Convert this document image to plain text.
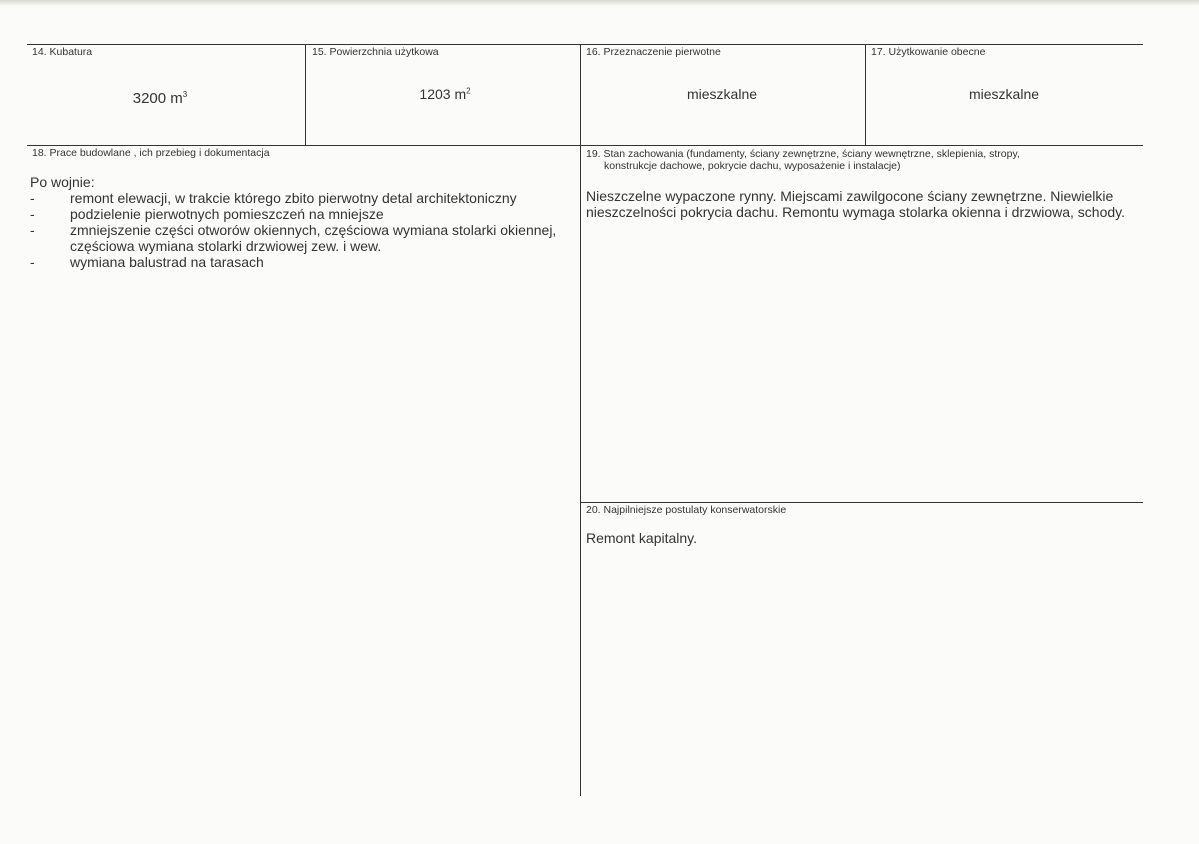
14. Kubatura
3200 $m^3$
15. Powierzchnia użytkowa
1203 $m^2$
16. Przeznaczenie pierwotne
mieszkalne
17. Użytkowanie obecne
mieszkalne
18. Prace budowlane , ich przebieg i dokumentacja
Po wojnie:
-	remont elewacji, w trakcie którego zbito pierwotny detal architektoniczny
-	podzielenie pierwotnych pomieszczeń na mniejsze
-	zmniejszenie części otworów okiennych, częściowa wymiana stolarki okiennej, częściowa wymiana stolarki drzwiowej zew. i wew.
-	wymiana balustrad na tarasach
19. Stan zachowania (fundamenty, ściany zewnętrzne, ściany wewnętrzne, sklepienia, stropy,
konstrukcje dachowe, pokrycie dachu, wyposażenie i instalacje)
Nieszczelne wypaczone rynny. Miejscami zawilgocone ściany zewnętrzne. Niewielkie nieszczelności pokrycia dachu. Remontu wymaga stolarka okienna i drzwiowa, schody.
20. Najpilniejsze postulaty konserwatorskie
Remont kapitalny.
